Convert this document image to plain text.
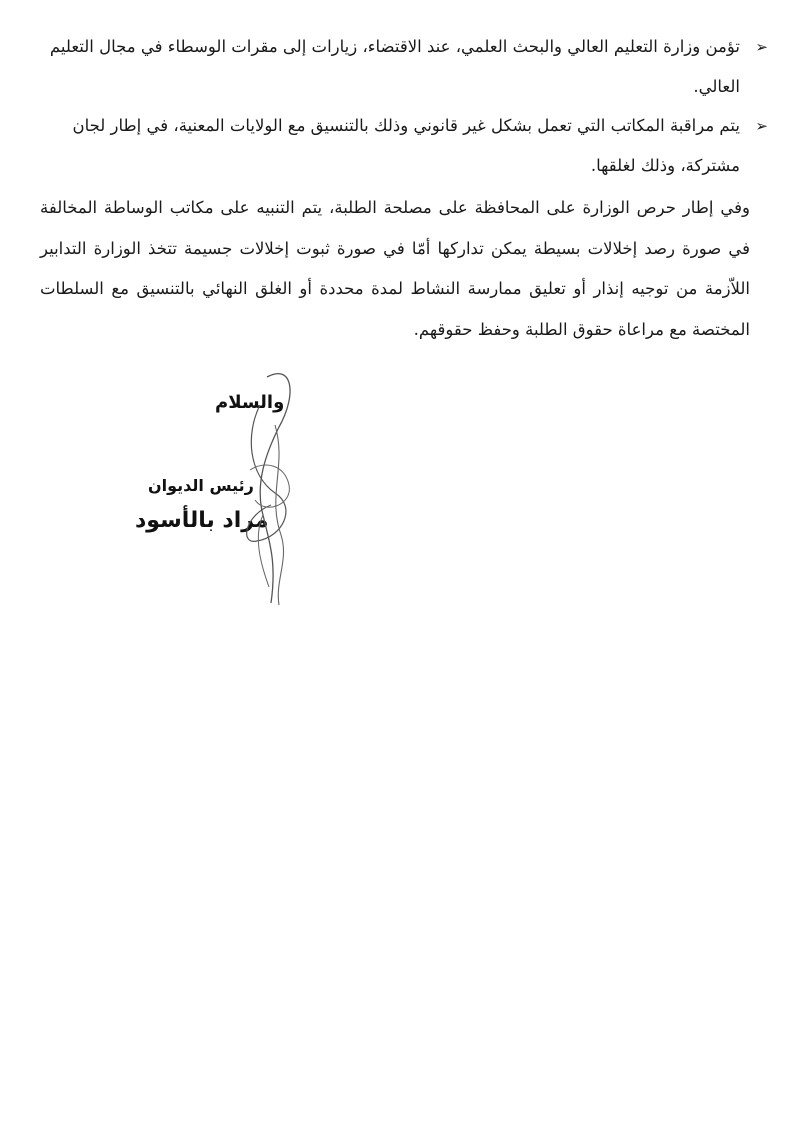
➢
تؤمن وزارة التعليم العالي والبحث العلمي، عند الاقتضاء، زيارات إلى مقرات الوسطاء في مجال التعليم العالي.
➢
يتم مراقبة المكاتب التي تعمل بشكل غير قانوني وذلك بالتنسيق مع الولايات المعنية، في إطار لجان مشتركة، وذلك لغلقها.
وفي إطار حرص الوزارة على المحافظة على مصلحة الطلبة، يتم التنبيه على مكاتب الوساطة المخالفة في صورة رصد إخلالات بسيطة يمكن تداركها أمّا في صورة ثبوت إخلالات جسيمة تتخذ الوزارة التدابير اللاّزمة من توجيه إنذار أو تعليق ممارسة النشاط لمدة محددة أو الغلق النهائي بالتنسيق مع السلطات المختصة مع مراعاة حقوق الطلبة وحفظ حقوقهم.
والسلام
رئيس الديوان
مراد بالأسود
